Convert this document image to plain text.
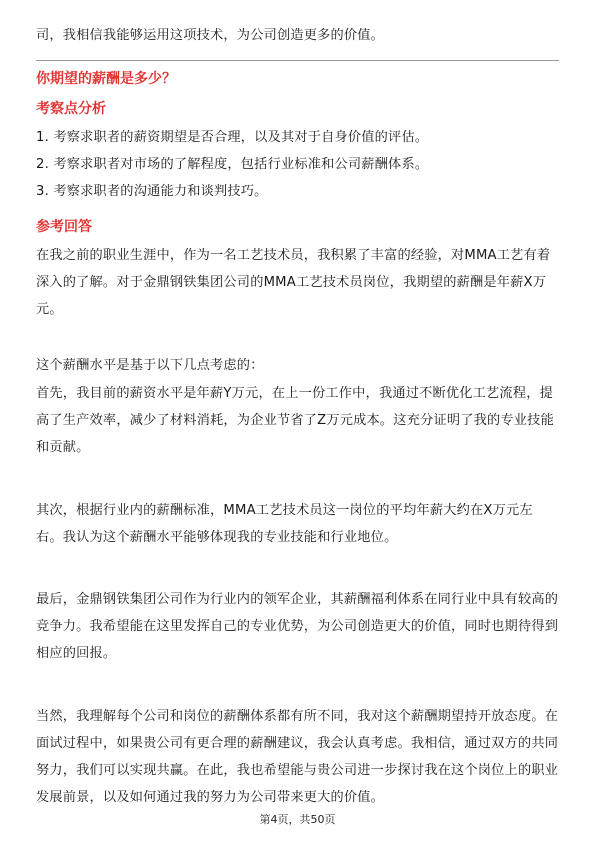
司，我相信我能够运用这项技术，为公司创造更多的价值。

你期望的薪酬是多少？
考察点分析
1. 考察求职者的薪资期望是否合理，以及其对于自身价值的评估。
2. 考察求职者对市场的了解程度，包括行业标准和公司薪酬体系。
3. 考察求职者的沟通能力和谈判技巧。
参考回答

在我之前的职业生涯中，作为一名工艺技术员，我积累了丰富的经验，对MMA工艺有着深入的了解。对于金鼎钢铁集团公司的MMA工艺技术员岗位，我期望的薪酬是年薪X万元。

这个薪酬水平是基于以下几点考虑的：

首先，我目前的薪资水平是年薪Y万元，在上一份工作中，我通过不断优化工艺流程，提高了生产效率，减少了材料消耗，为企业节省了Z万元成本。这充分证明了我的专业技能和贡献。

其次，根据行业内的薪酬标准，MMA工艺技术员这一岗位的平均年薪大约在X万元左右。我认为这个薪酬水平能够体现我的专业技能和行业地位。

最后，金鼎钢铁集团公司作为行业内的领军企业，其薪酬福利体系在同行业中具有较高的竞争力。我希望能在这里发挥自己的专业优势，为公司创造更大的价值，同时也期待得到相应的回报。

当然，我理解每个公司和岗位的薪酬体系都有所不同，我对这个薪酬期望持开放态度。在面试过程中，如果贵公司有更合理的薪酬建议，我会认真考虑。我相信，通过双方的共同努力，我们可以实现共赢。在此，我也希望能与贵公司进一步探讨我在这个岗位上的职业发展前景，以及如何通过我的努力为公司带来更大的价值。

第4页，共50页
